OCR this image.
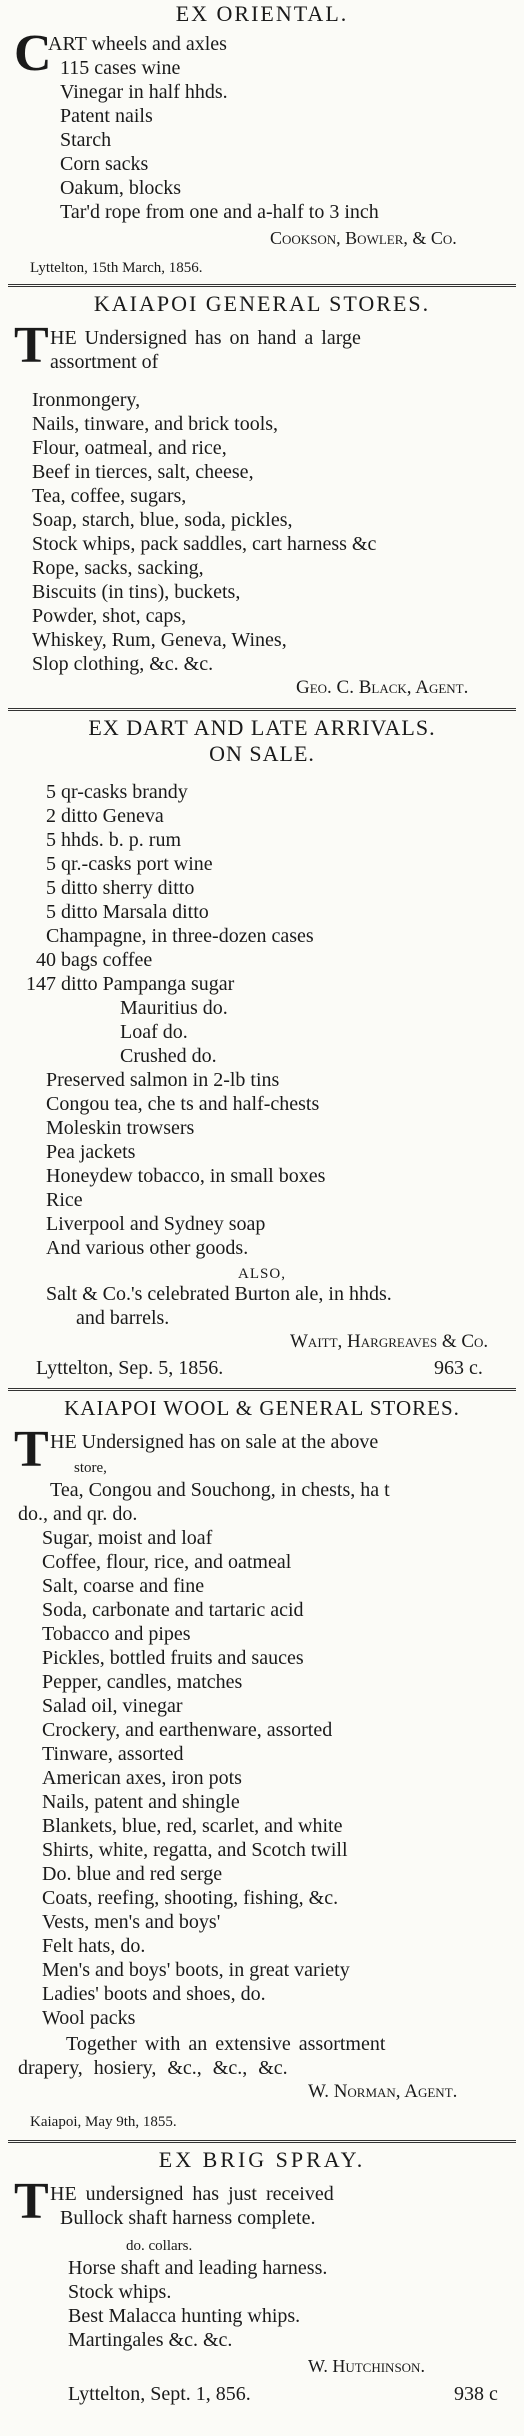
EX ORIENTAL.
C
ART wheels and axles
115 cases wine
Vinegar in half hhds.
Patent nails
Starch
Corn sacks
Oakum, blocks
Tar'd rope from one and a-half to 3 inch
Cookson, Bowler, & Co.
Lyttelton, 15th March, 1856.
KAIAPOI GENERAL STORES.
T HE Undersigned has on hand a large
assortment of
Ironmongery,
Nails, tinware, and brick tools,
Flour, oatmeal, and rice,
Beef in tierces, salt, cheese,
Tea, coffee, sugars,
Soap, starch, blue, soda, pickles,
Stock whips, pack saddles, cart harness &c
Rope, sacks, sacking,
Biscuits (in tins), buckets,
Powder, shot, caps,
Whiskey, Rum, Geneva, Wines,
Slop clothing, &c. &c.
Geo. C. Black, Agent.
EX DART AND LATE ARRIVALS.
ON SALE.
5 qr-casks brandy
2 ditto Geneva
5 hhds. b. p. rum
5 qr.-casks port wine
5 ditto sherry ditto
5 ditto Marsala ditto
Champagne, in three-dozen cases
40 bags coffee
147 ditto Pampanga sugar
Mauritius do.
Loaf do.
Crushed do.
Preserved salmon in 2-lb tins
Congou tea, che ts and half-chests
Moleskin trowsers
Pea jackets
Honeydew tobacco, in small boxes
Rice
Liverpool and Sydney soap
And various other goods.
ALSO,
Salt & Co.'s celebrated Burton ale, in hhds.
and barrels.
Waitt, Hargreaves & Co.
Lyttelton, Sep. 5, 1856.	963 c.
KAIAPOI WOOL & GENERAL STORES.
T HE Undersigned has on sale at the above
store,
Tea, Congou and Souchong, in chests, ha t
do., and qr. do.
Sugar, moist and loaf
Coffee, flour, rice, and oatmeal
Salt, coarse and fine
Soda, carbonate and tartaric acid
Tobacco and pipes
Pickles, bottled fruits and sauces
Pepper, candles, matches
Salad oil, vinegar
Crockery, and earthenware, assorted
Tinware, assorted
American axes, iron pots
Nails, patent and shingle
Blankets, blue, red, scarlet, and white
Shirts, white, regatta, and Scotch twill
Do. blue and red serge
Coats, reefing, shooting, fishing, &c.
Vests, men's and boys'
Felt hats, do.
Men's and boys' boots, in great variety
Ladies' boots and shoes, do.
Wool packs
Together with an extensive assortment
drapery, hosiery, &c., &c., &c.
W. Norman, Agent.
Kaiapoi, May 9th, 1855.
EX BRIG SPRAY.
T HE undersigned has just received
Bullock shaft harness complete.
do. collars.
Horse shaft and leading harness.
Stock whips.
Best Malacca hunting whips.
Martingales &c. &c.
W. Hutchinson.
Lyttelton, Sept. 1, 856.	938 c
